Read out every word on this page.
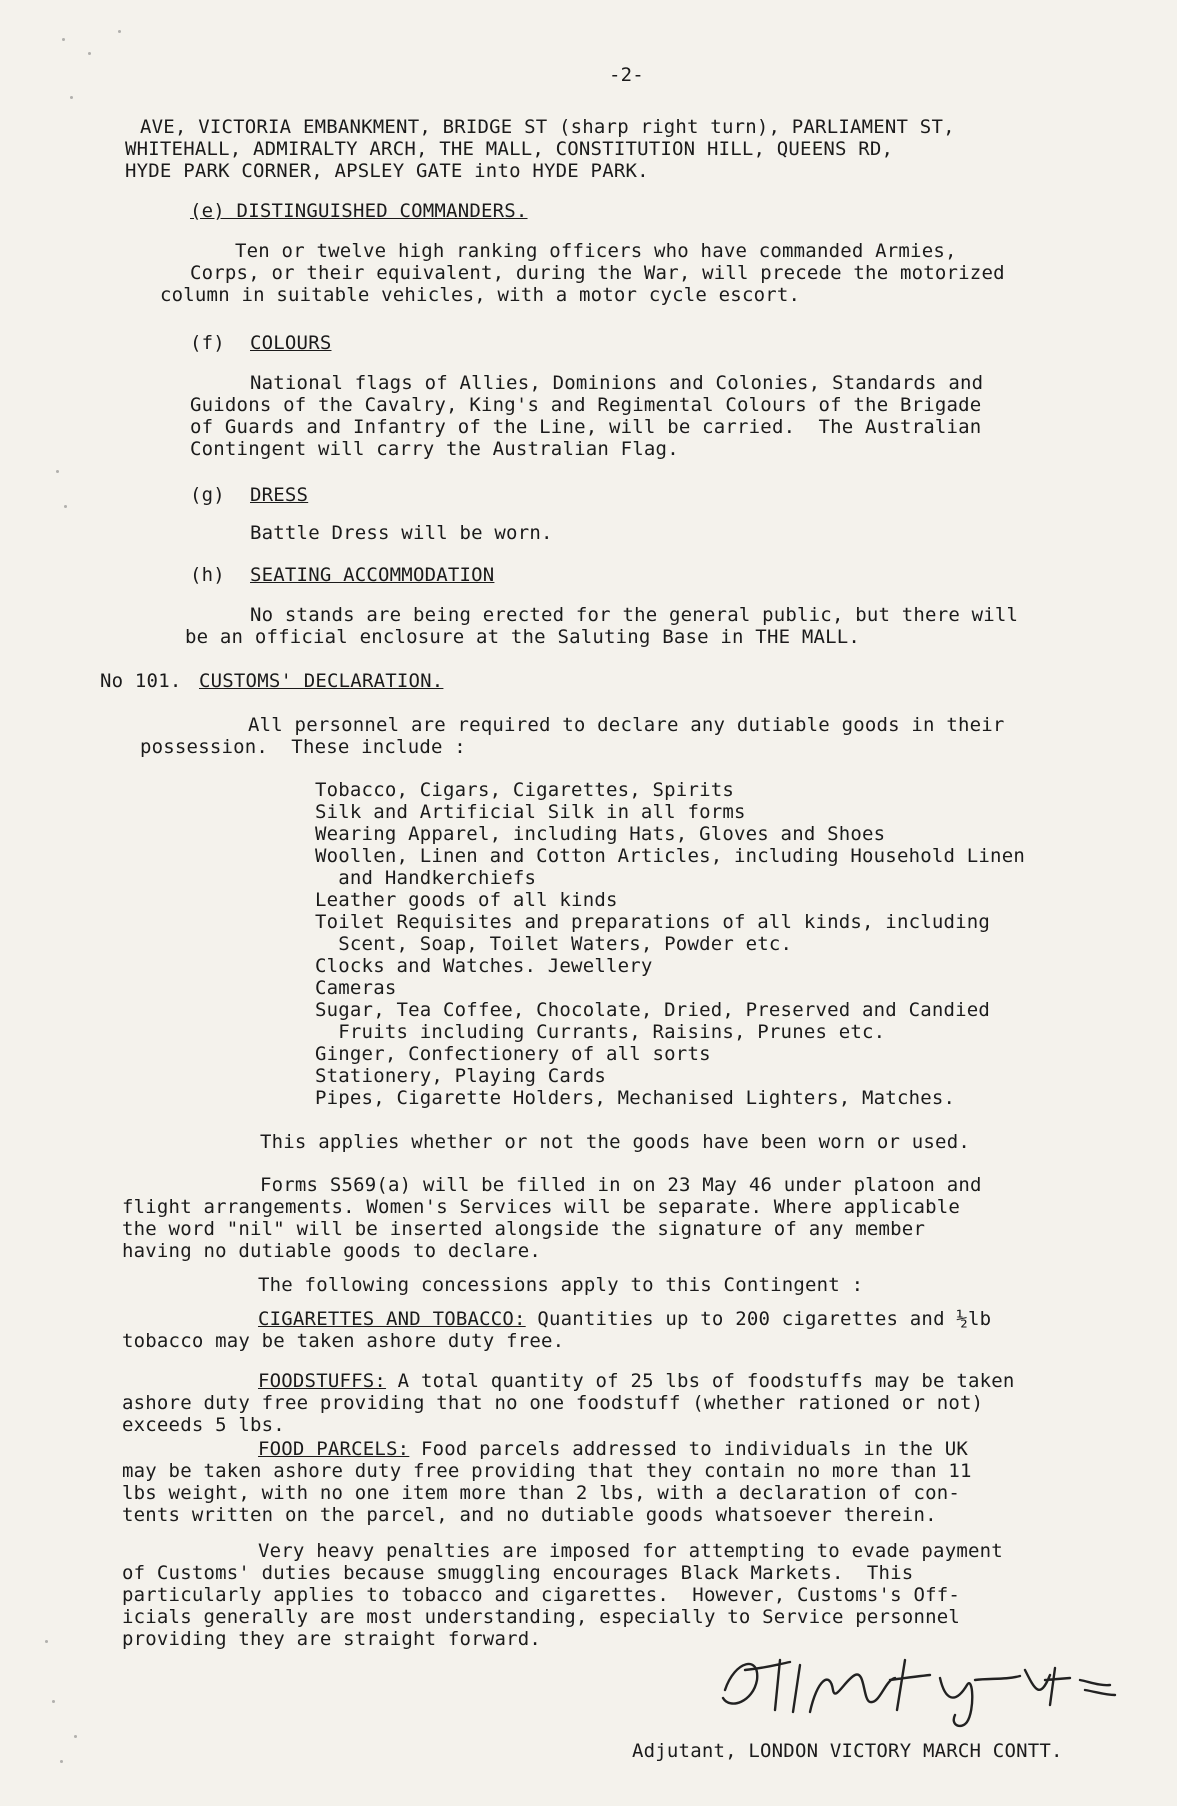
-2-
AVE, VICTORIA EMBANKMENT, BRIDGE ST (sharp right turn), PARLIAMENT ST,
WHITEHALL, ADMIRALTY ARCH, THE MALL, CONSTITUTION HILL, QUEENS RD,
HYDE PARK CORNER, APSLEY GATE into HYDE PARK.
(e) DISTINGUISHED COMMANDERS.
Ten or twelve high ranking officers who have commanded Armies,
Corps, or their equivalent, during the War, will precede the motorized
column in suitable vehicles, with a motor cycle escort.
(f) COLOURS
National flags of Allies, Dominions and Colonies, Standards and
Guidons of the Cavalry, King's and Regimental Colours of the Brigade
of Guards and Infantry of the Line, will be carried.  The Australian
Contingent will carry the Australian Flag.
(g) DRESS
Battle Dress will be worn.
(h) SEATING ACCOMMODATION
No stands are being erected for the general public, but there will
be an official enclosure at the Saluting Base in THE MALL.
No 101. CUSTOMS' DECLARATION.
All personnel are required to declare any dutiable goods in their
possession.  These include :
Tobacco, Cigars, Cigarettes, Spirits
Silk and Artificial Silk in all forms
Wearing Apparel, including Hats, Gloves and Shoes
Woollen, Linen and Cotton Articles, including Household Linen
and Handkerchiefs
Leather goods of all kinds
Toilet Requisites and preparations of all kinds, including
Scent, Soap, Toilet Waters, Powder etc.
Clocks and Watches. Jewellery
Cameras
Sugar, Tea Coffee, Chocolate, Dried, Preserved and Candied
Fruits including Currants, Raisins, Prunes etc.
Ginger, Confectionery of all sorts
Stationery, Playing Cards
Pipes, Cigarette Holders, Mechanised Lighters, Matches.
This applies whether or not the goods have been worn or used.
Forms S569(a) will be filled in on 23 May 46 under platoon and
flight arrangements. Women's Services will be separate. Where applicable
the word "nil" will be inserted alongside the signature of any member
having no dutiable goods to declare.
The following concessions apply to this Contingent :
CIGARETTES AND TOBACCO: Quantities up to 200 cigarettes and ½lb
tobacco may be taken ashore duty free.
FOODSTUFFS: A total quantity of 25 lbs of foodstuffs may be taken
ashore duty free providing that no one foodstuff (whether rationed or not)
exceeds 5 lbs.
FOOD PARCELS: Food parcels addressed to individuals in the UK
may be taken ashore duty free providing that they contain no more than 11
lbs weight, with no one item more than 2 lbs, with a declaration of con-
tents written on the parcel, and no dutiable goods whatsoever therein.
Very heavy penalties are imposed for attempting to evade payment
of Customs' duties because smuggling encourages Black Markets.  This
particularly applies to tobacco and cigarettes.  However, Customs's Off-
icials generally are most understanding, especially to Service personnel
providing they are straight forward.
Adjutant, LONDON VICTORY MARCH CONTT.
